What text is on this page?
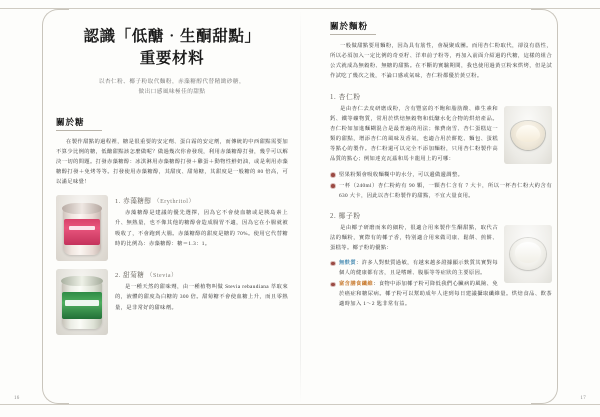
16	17
認識「低醣‧生酮甜點」
重要材料
以杏仁粉、椰子粉取代麵粉，赤藻糖醇代替精緻砂糖，
做出口感風味極佳的甜點
關於糖

在製作甜點的過程裡，糖是很重要的安定劑、蛋白霜的安定劑，而傳統的中西甜點需要加不算少比例的糖，低醣甜點該怎麼做呢？做過幾次你會發現，利用赤藻糖醇打發，幾乎可以解決一切的問題。打發赤藻糖醇：冰淇淋用赤藻糖醇打發＋雞蛋＋動物性鮮奶油，或是利用赤藻糖醇打發＋免烤等等。打發使用赤藻糖醇，其甜度、甜菊糖，其甜度是一般糖的 80 倍高，可以滿足味覺！

1. 赤藻糖醇 （Erythritol）

赤藻糖醇是建議的優先選擇，因為它不會使血糖或是胰島素上升、無熱量，也不像其他的糖醇會造成腸胃不適，因為它在小腸就被吸收了，不會跑到大腸。赤藻糖醇的甜度是糖的 70%。使用它代替糖時的比例為：赤藻糖醇：糖＝1.3：1。

2. 甜菊糖 （Stevia）

是一種天然的甜味劑，由一種植物叫做 Stevia rebaudiana 萃取來的，液體的甜度為白糖的 300 倍。甜菊糖不會使血糖上升，而且零熱量，是非常好的甜味劑。

關於麵粉

一般做甜點要用麵粉，因為具有筋性，會凝聚成團。而用杏仁粉取代，卻沒有筋性，所以必須加入一定比例的奇亞籽、洋車前子粉等，再加入前面介紹過的代糖，這樣的組合公式就成為無穀粉、無糖的甜點。在不斷的實驗期間，我也使用過黃豆粉來烘烤，但是試作試吃了幾次之後，不論口感或氣味，杏仁粉都優於黃豆粉。

1. 杏仁粉

是由杏仁去皮研磨成粉，含有豐富的不飽和脂肪酸、維生素和鈣、鐵等礦物質，常用於烘焙無穀物和低醣水化合物的烘焙產品。杏仁粉如加進麵糊混合是最普遍的用法；像費南雪、杏仁蛋糕這一類的甜點，增添杏仁的風味及香氣，也適合用於餅乾、麵包、蛋糕等點心的製作。杏仁粉還可以完全不添加麵粉，只用杏仁粉製作高品質的點心；例如達克瓦茲和馬卡龍用上的可哪：

堅果粉類會吸收麵糊中的水分，可以邊做邊調整。
一杯（240ml）杏仁粉約有 90 顆，一顆杏仁含有 7 大卡，所以一杯杏仁粉大約含有 630 大卡，因此以杏仁粉製作的甜點，不宜大量食用。
2. 椰子粉

是由椰子研磨而來的細粉，很適合用來製作生酮甜點，取代古法的麵粉，實際有的椰子香，特別適合用來做司康、鬆餅、煎餅、蛋糕等。椰子粉的優點：

無麩質：許多人對麩質過敏，有越來越多證據顯示麩質其實對每個人的健康都有害，且是嗜睡、腹脹等等症狀的主要原因。
富含膳食纖維：食物中添加椰子粉可降低我們心臟病的風險、免於癌症和糖尿病。椰子粉可以幫助成年人達到每日建議攝取纖維量。烘焙食品、飲茶適時加入 1～2 匙非常有益。
